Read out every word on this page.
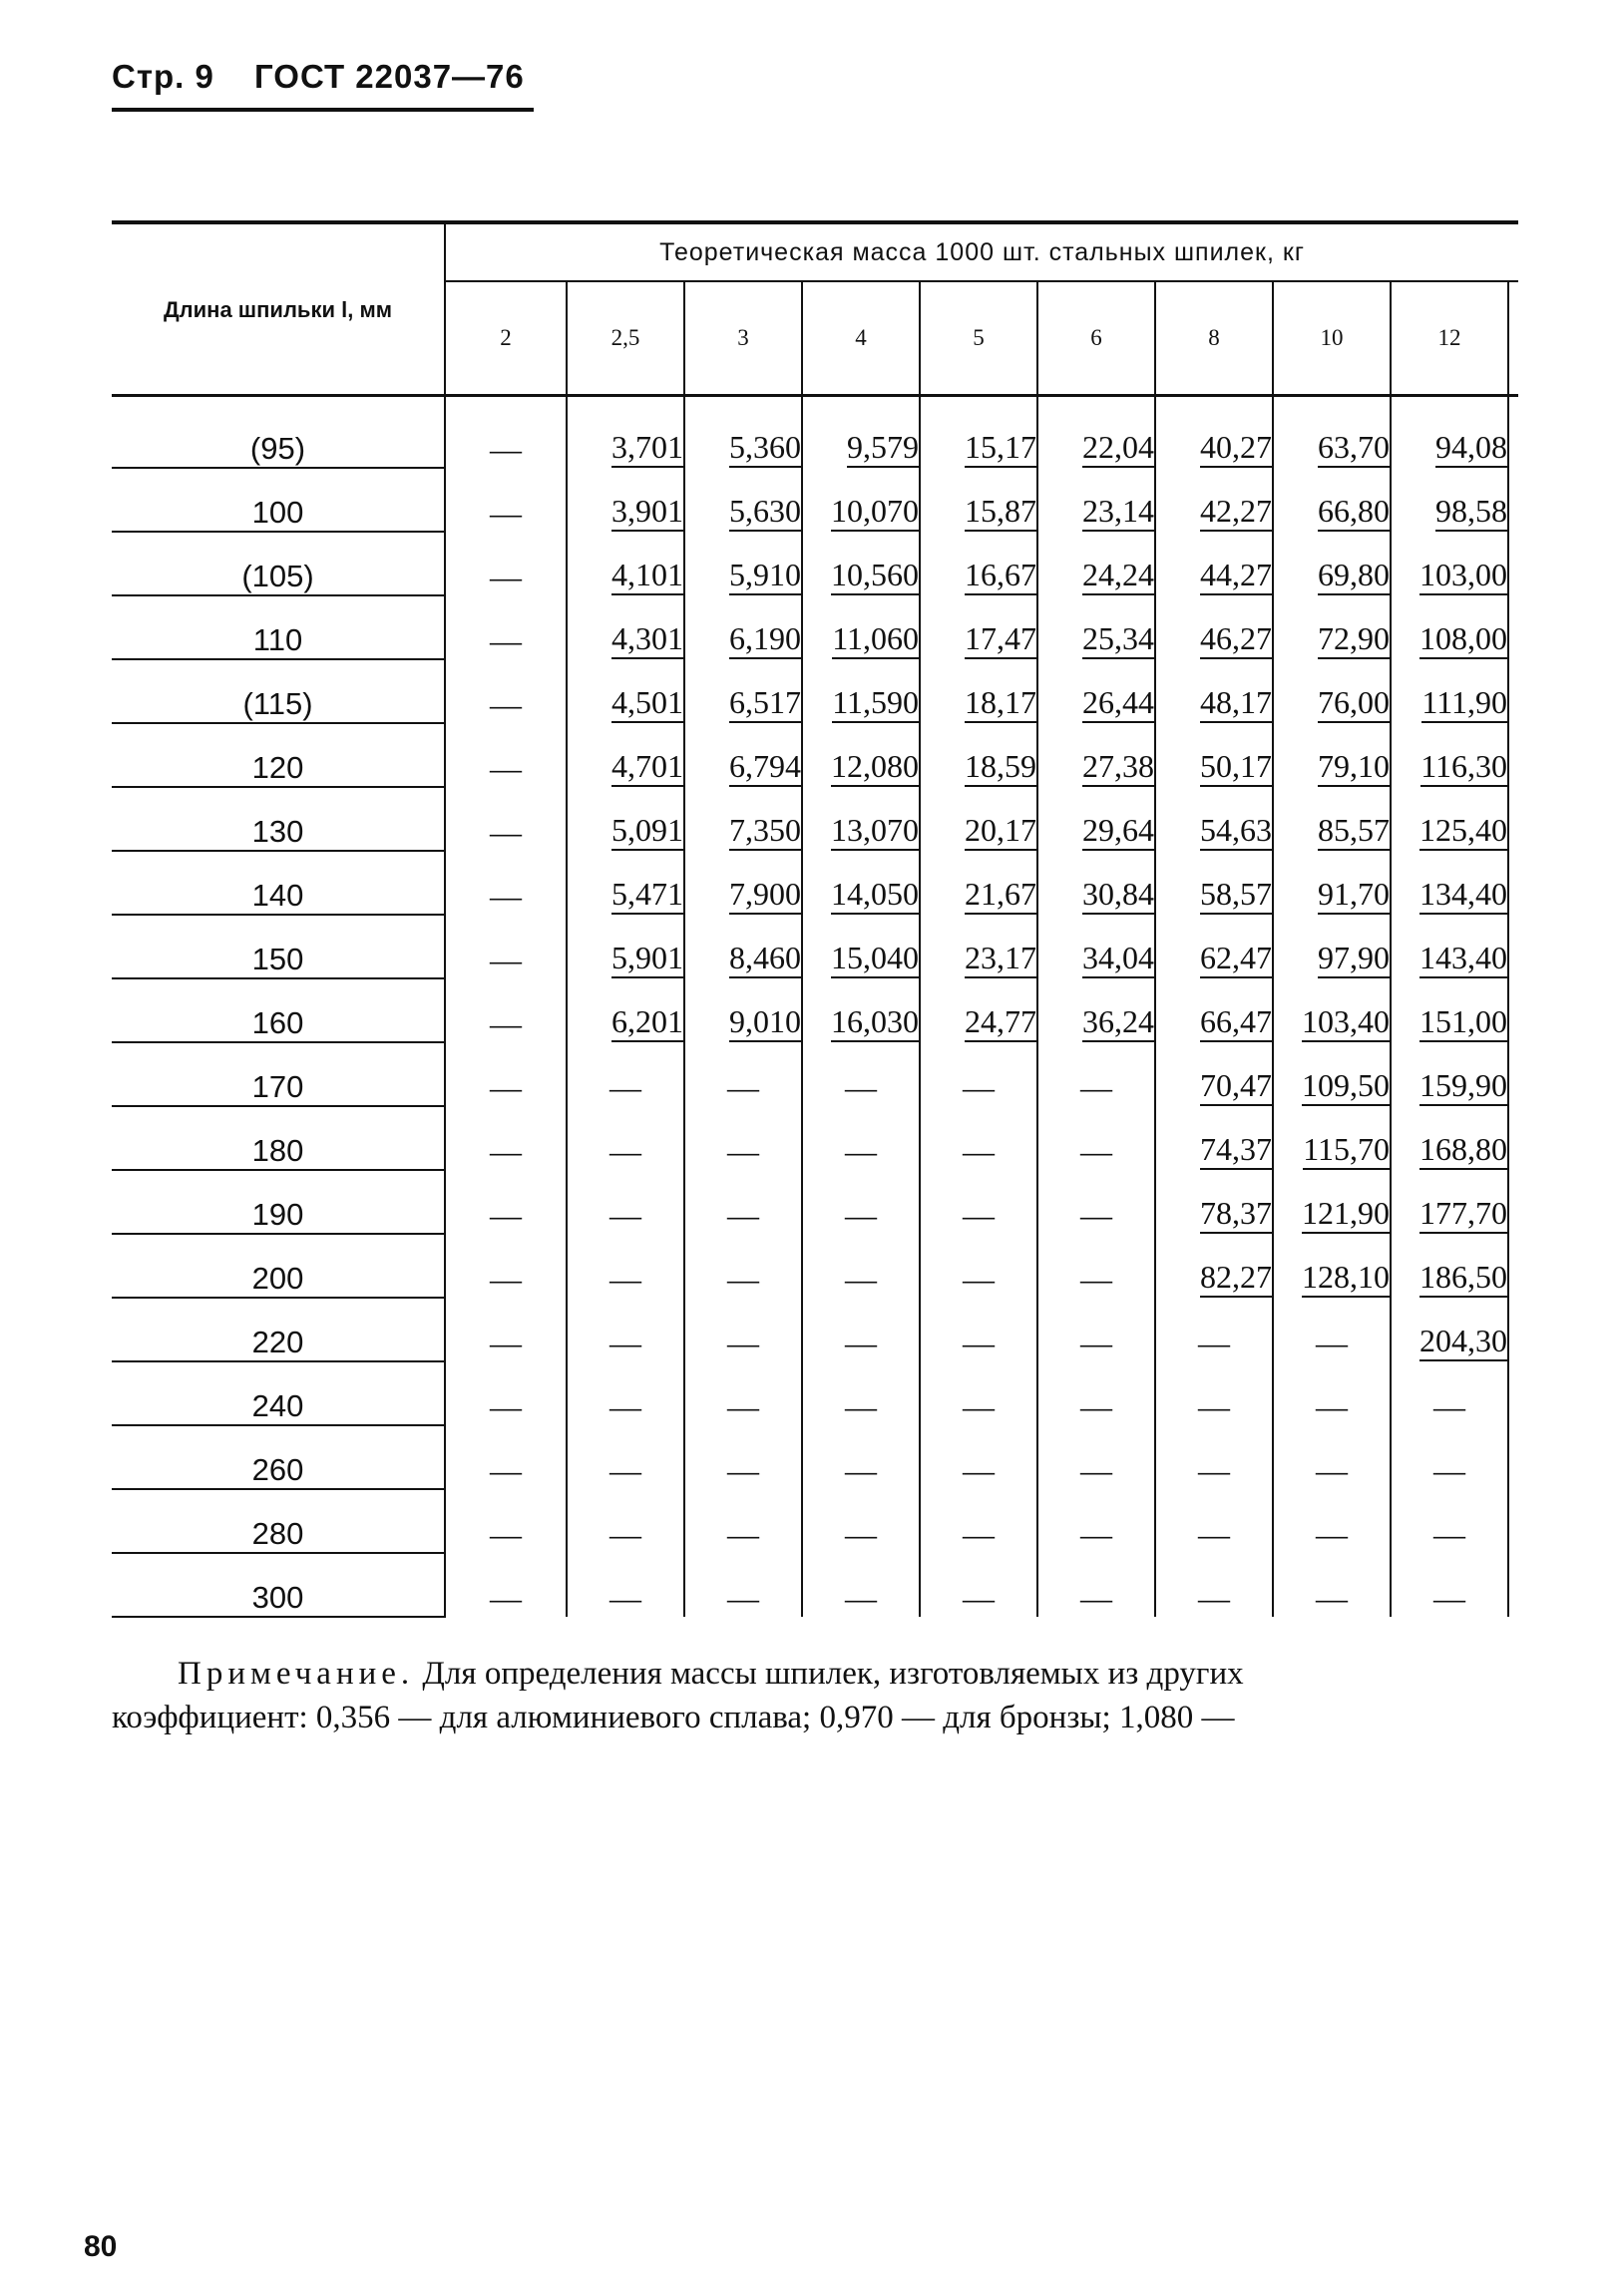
Стр. 9 ГОСТ 22037—76
Длина шпильки l, мм	Теоретическая масса 1000 шт. стальных шпилек, кг									
	2	2,5	3	4	5	6	8	10	12	
(95)	—	3,701	5,360	9,579	15,17	22,04	40,27	63,70	94,08	
100	—	3,901	5,630	10,070	15,87	23,14	42,27	66,80	98,58	
(105)	—	4,101	5,910	10,560	16,67	24,24	44,27	69,80	103,00	
110	—	4,301	6,190	11,060	17,47	25,34	46,27	72,90	108,00	
(115)	—	4,501	6,517	11,590	18,17	26,44	48,17	76,00	111,90	
120	—	4,701	6,794	12,080	18,59	27,38	50,17	79,10	116,30	
130	—	5,091	7,350	13,070	20,17	29,64	54,63	85,57	125,40	
140	—	5,471	7,900	14,050	21,67	30,84	58,57	91,70	134,40	
150	—	5,901	8,460	15,040	23,17	34,04	62,47	97,90	143,40	
160	—	6,201	9,010	16,030	24,77	36,24	66,47	103,40	151,00	
170	—	—	—	—	—	—	70,47	109,50	159,90	
180	—	—	—	—	—	—	74,37	115,70	168,80	
190	—	—	—	—	—	—	78,37	121,90	177,70	
200	—	—	—	—	—	—	82,27	128,10	186,50	
220	—	—	—	—	—	—	—	—	204,30	
240	—	—	—	—	—	—	—	—	—	
260	—	—	—	—	—	—	—	—	—	
280	—	—	—	—	—	—	—	—	—	
300	—	—	—	—	—	—	—	—	—	

Примечание. Для определения массы шпилек, изготовляемых из других

коэффициент: 0,356 — для алюминиевого сплава; 0,970 — для бронзы; 1,080 —

80
